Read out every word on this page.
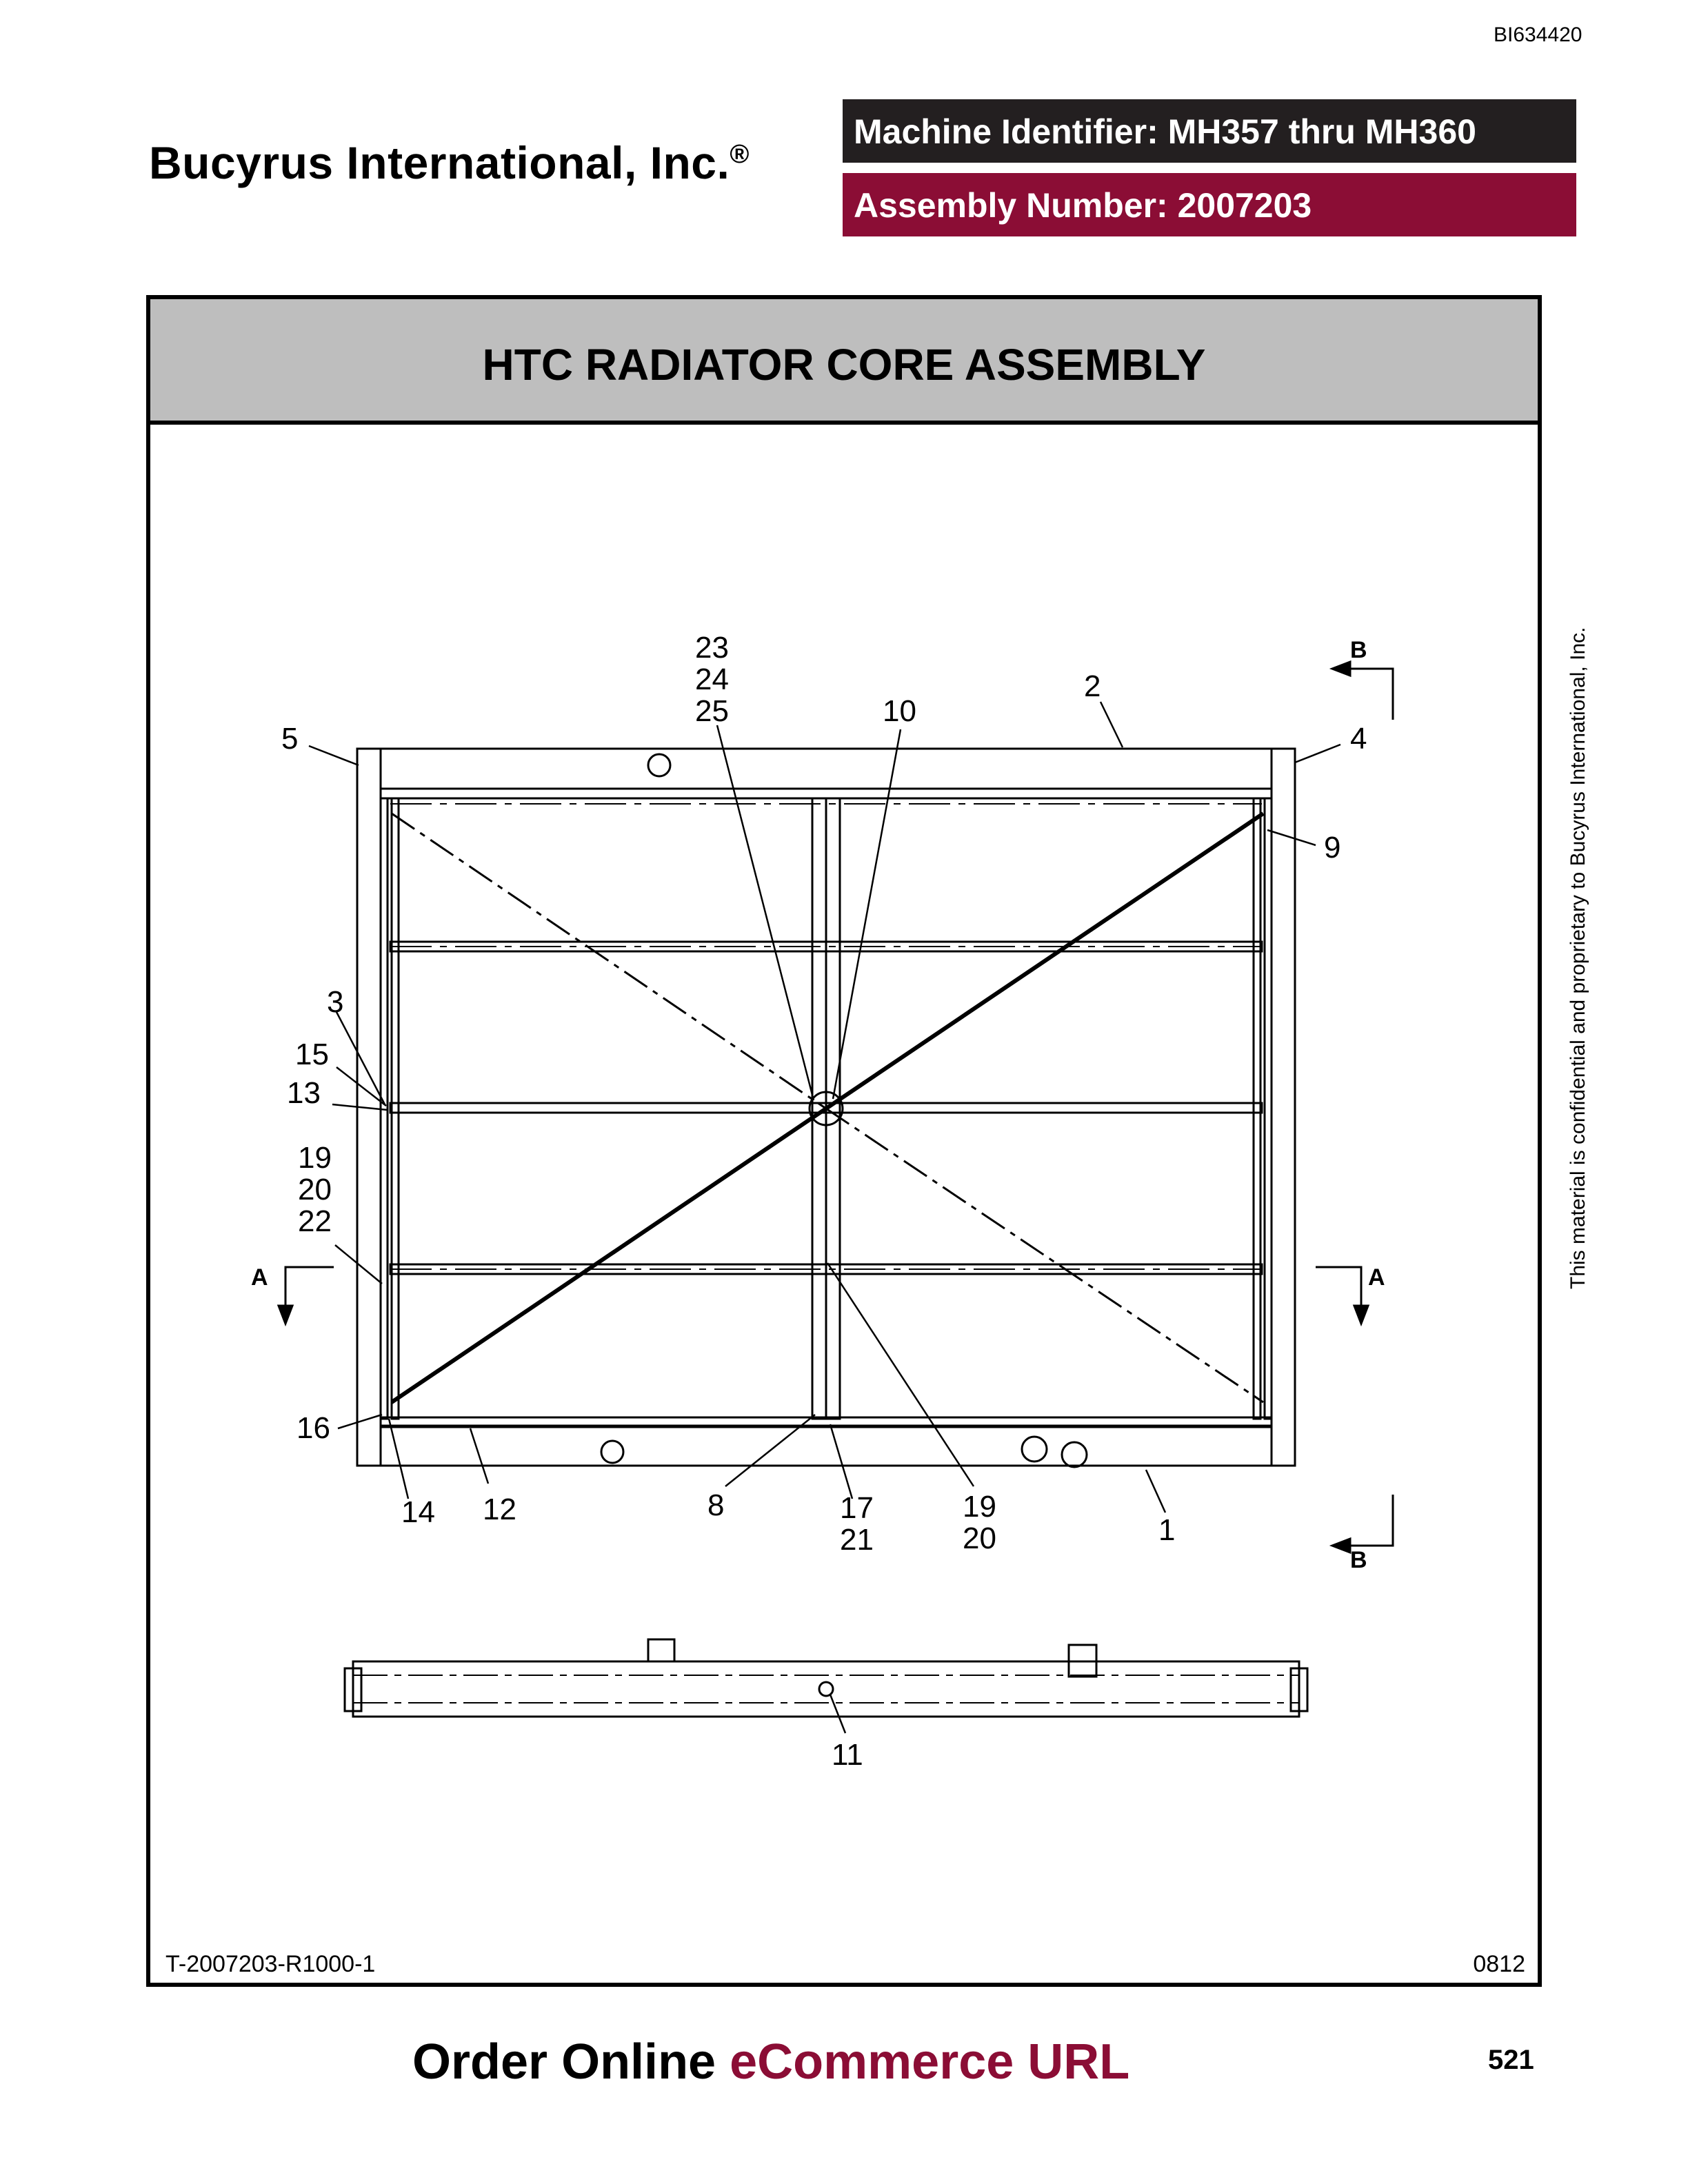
BI634420
Bucyrus International, Inc.®
Machine Identifier: MH357 thru MH360
Assembly Number: 2007203
HTC RADIATOR CORE ASSEMBLY
23
24
25	10
2
4
5
9
3
15
13
19
20
22
16
14 12	8	17
21
19
20	1
11
B
B
A	A
T-2007203-R1000-1	0812
This material is confidential and proprietary to Bucyrus International, Inc.
Order Online eCommerce URL	521
